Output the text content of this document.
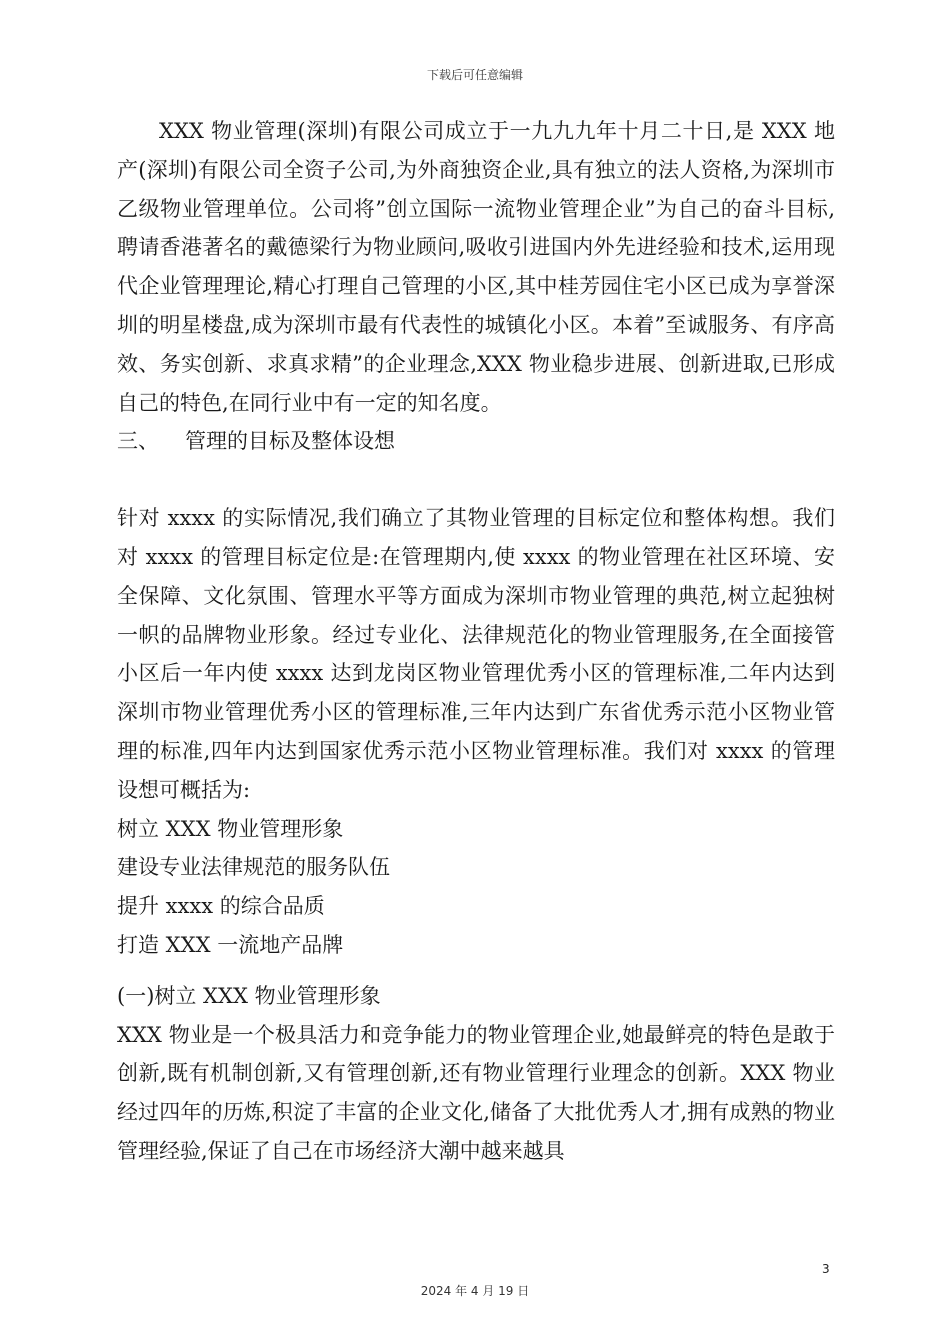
下载后可任意编辑

XXX 物业管理(深圳)有限公司成立于一九九九年十月二十日,是 XXX 地产(深圳)有限公司全资子公司,为外商独资企业,具有独立的法人资格,为深圳市乙级物业管理单位。公司将”创立国际一流物业管理企业”为自己的奋斗目标,聘请香港著名的戴德梁行为物业顾问,吸收引进国内外先进经验和技术,运用现代企业管理理论,精心打理自己管理的小区,其中桂芳园住宅小区已成为享誉深圳的明星楼盘,成为深圳市最有代表性的城镇化小区。本着”至诚服务、有序高效、务实创新、求真求精”的企业理念,XXX 物业稳步进展、创新进取,已形成自己的特色,在同行业中有一定的知名度。

三、 管理的目标及整体设想

针对 xxxx 的实际情况,我们确立了其物业管理的目标定位和整体构想。我们对 xxxx 的管理目标定位是:在管理期内,使 xxxx 的物业管理在社区环境、安全保障、文化氛围、管理水平等方面成为深圳市物业管理的典范,树立起独树一帜的品牌物业形象。经过专业化、法律规范化的物业管理服务,在全面接管小区后一年内使 xxxx 达到龙岗区物业管理优秀小区的管理标准,二年内达到深圳市物业管理优秀小区的管理标准,三年内达到广东省优秀示范小区物业管理的标准,四年内达到国家优秀示范小区物业管理标准。我们对 xxxx 的管理设想可概括为:

树立 XXX 物业管理形象

建设专业法律规范的服务队伍

提升 xxxx 的综合品质

打造 XXX 一流地产品牌

(一)树立 XXX 物业管理形象

XXX 物业是一个极具活力和竞争能力的物业管理企业,她最鲜亮的特色是敢于创新,既有机制创新,又有管理创新,还有物业管理行业理念的创新。XXX 物业经过四年的历炼,积淀了丰富的企业文化,储备了大批优秀人才,拥有成熟的物业管理经验,保证了自己在市场经济大潮中越来越具

3
2024 年 4 月 19 日
